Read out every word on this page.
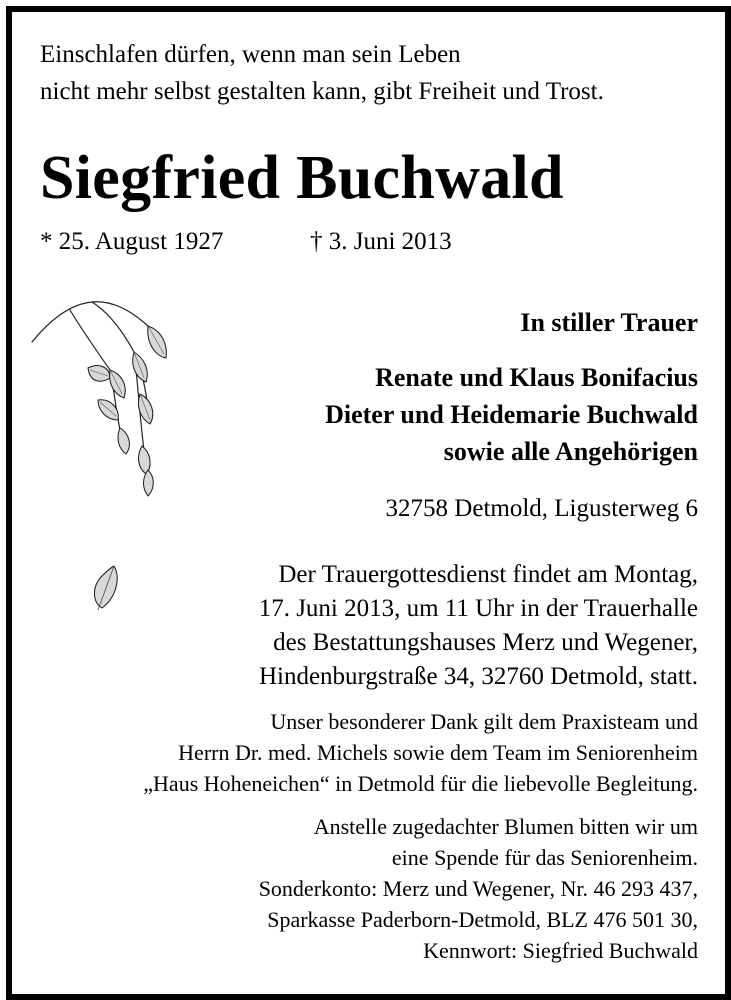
Einschlafen dürfen, wenn man sein Leben
nicht mehr selbst gestalten kann, gibt Freiheit und Trost.
Siegfried Buchwald
* 25. August 1927	† 3. Juni 2013
In stiller Trauer
Renate und Klaus Bonifacius
Dieter und Heidemarie Buchwald
sowie alle Angehörigen
32758 Detmold, Ligusterweg 6
Der Trauergottesdienst findet am Montag,
17. Juni 2013, um 11 Uhr in der Trauerhalle
des Bestattungshauses Merz und Wegener,
Hindenburgstraße 34, 32760 Detmold, statt.
Unser besonderer Dank gilt dem Praxisteam und
Herrn Dr. med. Michels sowie dem Team im Seniorenheim
„Haus Hoheneichen“ in Detmold für die liebevolle Begleitung.
Anstelle zugedachter Blumen bitten wir um
eine Spende für das Seniorenheim.
Sonderkonto: Merz und Wegener, Nr. 46 293 437,
Sparkasse Paderborn-Detmold, BLZ 476 501 30,
Kennwort: Siegfried Buchwald
